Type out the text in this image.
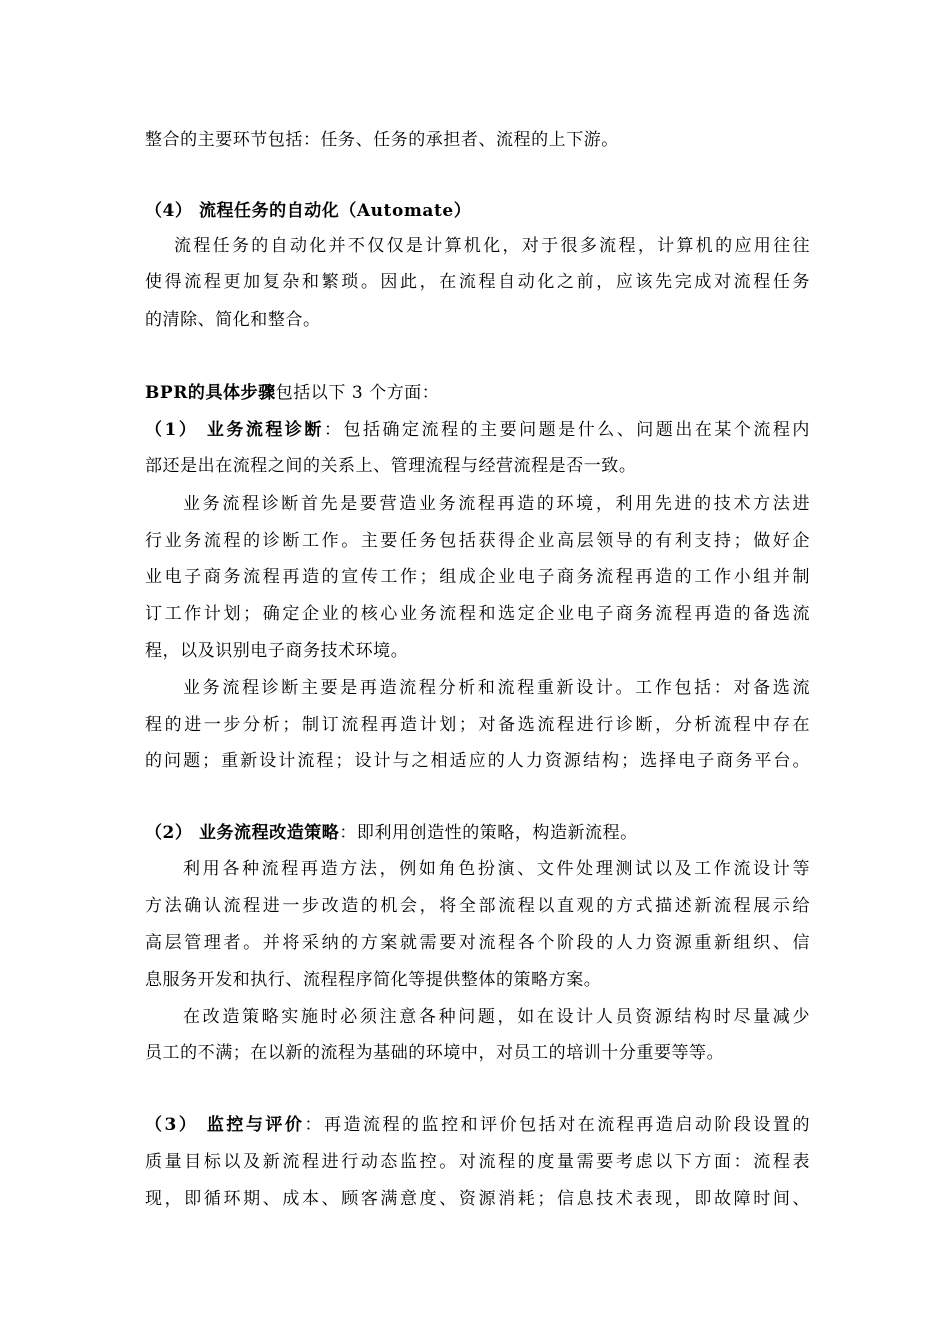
整合的主要环节包括：任务、任务的承担者、流程的上下游。
（4） 流程任务的自动化（Automate）
流程任务的自动化并不仅仅是计算机化，对于很多流程，计算机的应用往往
使得流程更加复杂和繁琐。因此，在流程自动化之前，应该先完成对流程任务
的清除、简化和整合。
BPR的具体步骤包括以下 3 个方面：
（1） 业务流程诊断：包括确定流程的主要问题是什么、问题出在某个流程内
部还是出在流程之间的关系上、管理流程与经营流程是否一致。
业务流程诊断首先是要营造业务流程再造的环境，利用先进的技术方法进
行业务流程的诊断工作。主要任务包括获得企业高层领导的有利支持；做好企
业电子商务流程再造的宣传工作；组成企业电子商务流程再造的工作小组并制
订工作计划；确定企业的核心业务流程和选定企业电子商务流程再造的备选流
程，以及识别电子商务技术环境。
业务流程诊断主要是再造流程分析和流程重新设计。工作包括：对备选流
程的进一步分析；制订流程再造计划；对备选流程进行诊断，分析流程中存在
的问题；重新设计流程；设计与之相适应的人力资源结构；选择电子商务平台。
（2） 业务流程改造策略：即利用创造性的策略，构造新流程。
利用各种流程再造方法，例如角色扮演、文件处理测试以及工作流设计等
方法确认流程进一步改造的机会，将全部流程以直观的方式描述新流程展示给
高层管理者。并将采纳的方案就需要对流程各个阶段的人力资源重新组织、信
息服务开发和执行、流程程序简化等提供整体的策略方案。
在改造策略实施时必须注意各种问题，如在设计人员资源结构时尽量减少
员工的不满；在以新的流程为基础的环境中，对员工的培训十分重要等等。
（3） 监控与评价：再造流程的监控和评价包括对在流程再造启动阶段设置的
质量目标以及新流程进行动态监控。对流程的度量需要考虑以下方面：流程表
现，即循环期、成本、顾客满意度、资源消耗；信息技术表现，即故障时间、
